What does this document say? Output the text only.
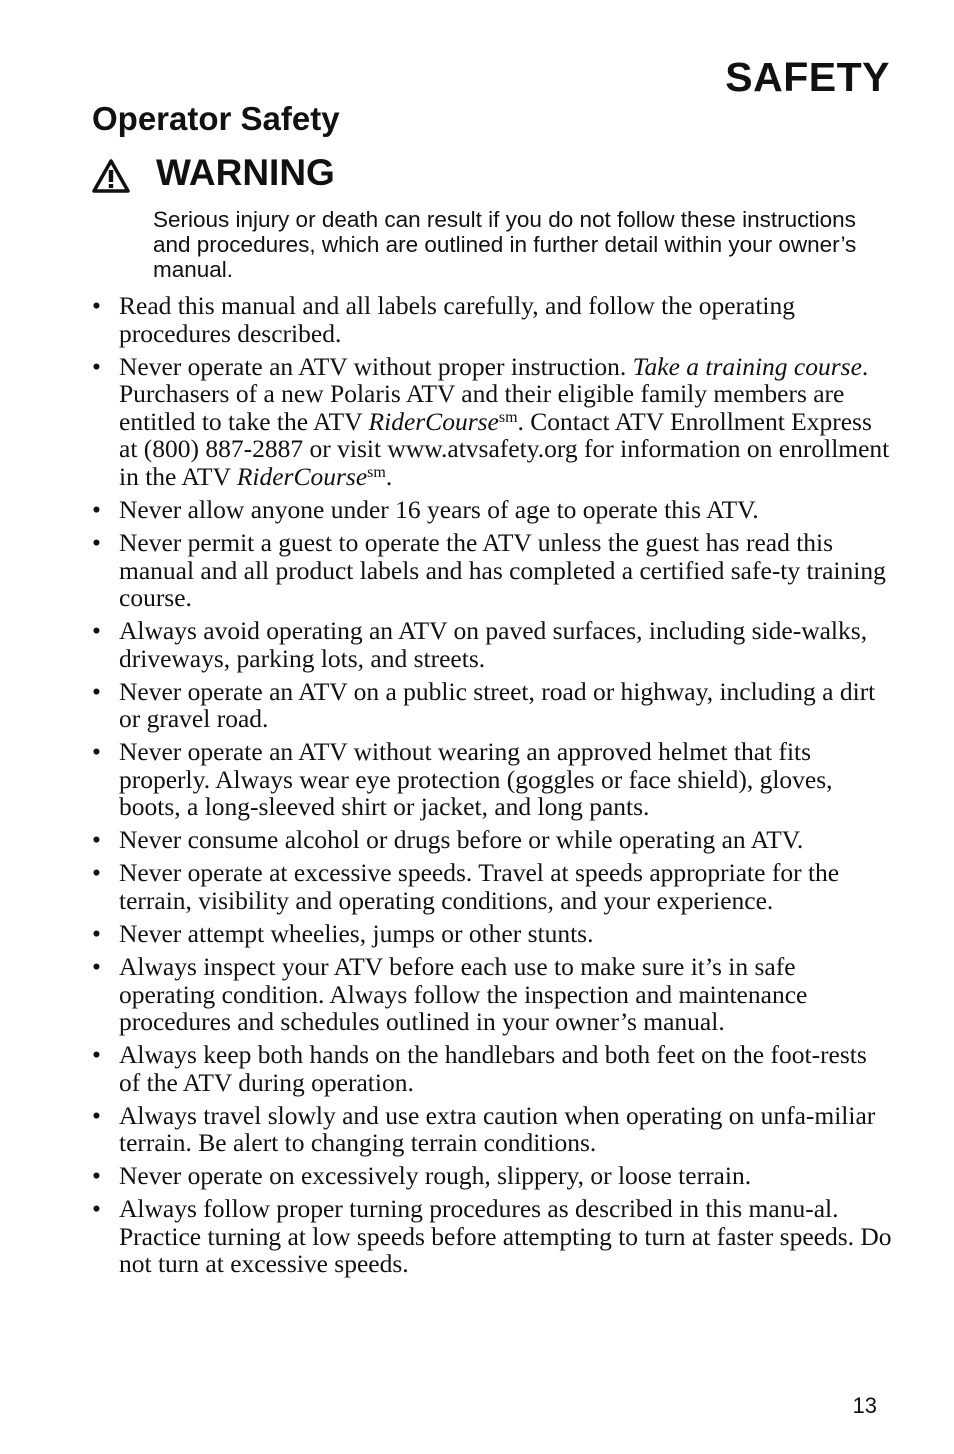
SAFETY
Operator Safety
WARNING

Serious injury or death can result if you do not follow these instructions and procedures, which are outlined in further detail within your owner’s manual.

• Read this manual and all labels carefully, and follow the operating procedures described.
• Never operate an ATV without proper instruction. Take a training course. Purchasers of a new Polaris ATV and their eligible family members are entitled to take the ATV RiderCourse$^{sm}$. Contact ATV Enrollment Express at (800) 887-2887 or visit www.atvsafety.org for information on enrollment in the ATV RiderCourse$^{sm}$.
• Never allow anyone under 16 years of age to operate this ATV.
• Never permit a guest to operate the ATV unless the guest has read this manual and all product labels and has completed a certified safe-ty training course.
• Always avoid operating an ATV on paved surfaces, including side-walks, driveways, parking lots, and streets.
• Never operate an ATV on a public street, road or highway, including a dirt or gravel road.
• Never operate an ATV without wearing an approved helmet that fits properly. Always wear eye protection (goggles or face shield), gloves, boots, a long-sleeved shirt or jacket, and long pants.
• Never consume alcohol or drugs before or while operating an ATV.
• Never operate at excessive speeds. Travel at speeds appropriate for the terrain, visibility and operating conditions, and your experience.
• Never attempt wheelies, jumps or other stunts.
• Always inspect your ATV before each use to make sure it’s in safe operating condition. Always follow the inspection and maintenance procedures and schedules outlined in your owner’s manual.
• Always keep both hands on the handlebars and both feet on the foot-rests of the ATV during operation.
• Always travel slowly and use extra caution when operating on unfa-miliar terrain. Be alert to changing terrain conditions.
• Never operate on excessively rough, slippery, or loose terrain.
• Always follow proper turning procedures as described in this manu-al. Practice turning at low speeds before attempting to turn at faster speeds. Do not turn at excessive speeds.
13
